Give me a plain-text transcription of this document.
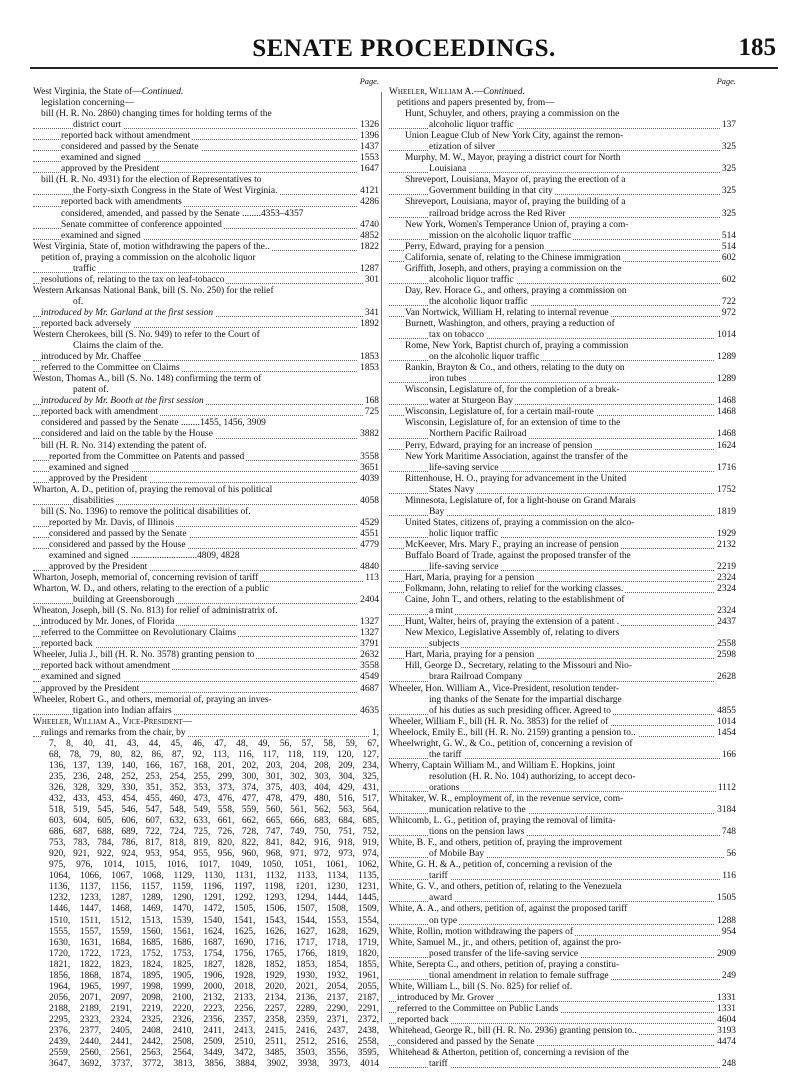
SENATE PROCEEDINGS.	185
Page.
West Virginia, the State of—Continued.
legislation concerning—
bill (H. R. No. 2860) changing times for holding terms of the
district court	1326
reported back without amendment	1396
considered and passed by the Senate	1437
examined and signed	1553
approved by the President	1647
bill (H. R. No. 4931) for the election of Representatives to
the Forty-sixth Congress in the State of West Virginia.	4121
reported back with amendments	4286
considered, amended, and passed by the Senate ........4353–4357
Senate committee of conference appointed	4740
examined and signed	4852
West Virginia, State of, motion withdrawing the papers of the..	1822
petition of, praying a commission on the alcoholic liquor
traffic	1287
resolutions of, relating to the tax on leaf-tobacco	301
Western Arkansas National Bank, bill (S. No. 250) for the relief
of.
introduced by Mr. Garland at the first session	341
reported back adversely	1892
Western Cherokees, bill (S. No. 949) to refer to the Court of
Claims the claim of the.
introduced by Mr. Chaffee	1853
referred to the Committee on Claims	1853
Weston, Thomas A., bill (S. No. 148) confirming the term of
patent of.
introduced by Mr. Booth at the first session	168
reported back with amendment	725
considered and passed by the Senate ........1455, 1456, 3909
considered and laid on the table by the House	3882
bill (H. R. No. 314) extending the patent of.
reported from the Committee on Patents and passed	3558
examined and signed	3651
approved by the President	4039
Wharton, A. D., petition of, praying the removal of his political
disabilities	4058
bill (S. No. 1396) to remove the political disabilities of.
reported by Mr. Davis, of Illinois	4529
considered and passed by the Senate	4551
considered and passed by the House	4779
examined and signed ............................4809, 4828
approved by the President	4840
Wharton, Joseph, memorial of, concerning revision of tariff	113
Wharton, W. D., and others, relating to the erection of a public
building at Greensborough	2404
Wheaton, Joseph, bill (S. No. 813) for relief of administratrix of.
introduced by Mr. Jones, of Florida	1327
referred to the Committee on Revolutionary Claims	1327
reported back	3791
Wheeler, Julia J., bill (H. R. No. 3578) granting pension to	2632
reported back without amendment	3558
examined and signed	4549
approved by the President	4687
Wheeler, Robert G., and others, memorial of, praying an inves-
tigation into Indian affairs	4635
Wheeler, William A., Vice-President—
rulings and remarks from the chair, by	1,
7, 8, 40, 41, 43, 44, 45, 46, 47, 48, 49, 56, 57, 58, 59, 67,
68, 78, 79, 80, 82, 86, 87, 92, 113, 116, 117, 118, 119, 120, 127,
136, 137, 139, 140, 166, 167, 168, 201, 202, 203, 204, 208, 209, 234,
235, 236, 248, 252, 253, 254, 255, 299, 300, 301, 302, 303, 304, 325,
326, 328, 329, 330, 351, 352, 353, 373, 374, 375, 403, 404, 429, 431,
432, 433, 453, 454, 455, 460, 473, 476, 477, 478, 479, 480, 516, 517,
518, 519, 545, 546, 547, 548, 549, 558, 559, 560, 561, 562, 563, 564,
603, 604, 605, 606, 607, 632, 633, 661, 662, 665, 666, 683, 684, 685,
686, 687, 688, 689, 722, 724, 725, 726, 728, 747, 749, 750, 751, 752,
753, 783, 784, 786, 817, 818, 819, 820, 822, 841, 842, 916, 918, 919,
920, 921, 922, 924, 953, 954, 955, 956, 960, 968, 971, 972, 973, 974,
975, 976, 1014, 1015, 1016, 1017, 1049, 1050, 1051, 1061, 1062,
1064, 1066, 1067, 1068, 1129, 1130, 1131, 1132, 1133, 1134, 1135,
1136, 1137, 1156, 1157, 1159, 1196, 1197, 1198, 1201, 1230, 1231,
1232, 1233, 1287, 1289, 1290, 1291, 1292, 1293, 1294, 1444, 1445,
1446, 1447, 1468, 1469, 1470, 1472, 1505, 1506, 1507, 1508, 1509,
1510, 1511, 1512, 1513, 1539, 1540, 1541, 1543, 1544, 1553, 1554,
1555, 1557, 1559, 1560, 1561, 1624, 1625, 1626, 1627, 1628, 1629,
1630, 1631, 1684, 1685, 1686, 1687, 1690, 1716, 1717, 1718, 1719,
1720, 1722, 1723, 1752, 1753, 1754, 1756, 1765, 1766, 1819, 1820,
1821, 1822, 1823, 1824, 1825, 1827, 1828, 1852, 1853, 1854, 1855,
1856, 1868, 1874, 1895, 1905, 1906, 1928, 1929, 1930, 1932, 1961,
1964, 1965, 1997, 1998, 1999, 2000, 2018, 2020, 2021, 2054, 2055,
2056, 2071, 2097, 2098, 2100, 2132, 2133, 2134, 2136, 2137, 2187,
2188, 2189, 2191, 2219, 2220, 2223, 2256, 2257, 2289, 2290, 2291,
2295, 2323, 2324, 2325, 2326, 2356, 2357, 2358, 2359, 2371, 2372,
2376, 2377, 2405, 2408, 2410, 2411, 2413, 2415, 2416, 2437, 2438,
2439, 2440, 2441, 2442, 2508, 2509, 2510, 2511, 2512, 2516, 2558,
2559, 2560, 2561, 2563, 2564, 3449, 3472, 3485, 3503, 3556, 3595,
3647, 3692, 3737, 3772, 3813, 3856, 3884, 3902, 3938, 3973, 4014
Page.
Wheeler, William A.—Continued.
petitions and papers presented by, from—
Hunt, Schuyler, and others, praying a commission on the
alcoholic liquor traffic	137
Union League Club of New York City, against the remon-
etization of silver	325
Murphy, M. W., Mayor, praying a district court for North
Louisiana	325
Shreveport, Louisiana, Mayor of, praying the erection of a
Government building in that city	325
Shreveport, Louisiana, mayor of, praying the building of a
railroad bridge across the Red River	325
New York, Women's Temperance Union of, praying a com-
mission on the alcoholic liquor traffic	514
Perry, Edward, praying for a pension	514
California, senate of, relating to the Chinese immigration	602
Griffith, Joseph, and others, praying a commission on the
alcoholic liquor traffic	602
Day, Rev. Horace G., and others, praying a commission on
the alcoholic liquor traffic	722
Van Nortwick, William H, relating to internal revenue	972
Burnett, Washington, and others, praying a reduction of
tax on tobacco	1014
Rome, New York, Baptist church of, praying a commission
on the alcoholic liquor traffic	1289
Rankin, Brayton & Co., and others, relating to the duty on
iron tubes	1289
Wisconsin, Legislature of, for the completion of a break-
water at Sturgeon Bay	1468
Wisconsin, Legislature of, for a certain mail-route	1468
Wisconsin, Legislature of, for an extension of time to the
Northern Pacific Railroad	1468
Perry, Edward, praying for an increase of pension	1624
New York Maritime Association, against the transfer of the
life-saving service	1716
Rittenhouse, H. O., praying for advancement in the United
States Navy	1752
Minnesota, Legislature of, for a light-house on Grand Marais
Bay	1819
United States, citizens of, praying a commission on the alco-
holic liquor traffic	1929
McKeever, Mrs. Mary F., praying an increase of pension	2132
Buffalo Board of Trade, against the proposed transfer of the
life-saving service	2219
Hart, Maria, praying for a pension	2324
Folkmann, John, relating to relief for the working classes.	2324
Caine, John T., and others, relating to the establishment of
a mint	2324
Hunt, Walter, heirs of, praying the extension of a patent .	2437
New Mexico, Legislative Assembly of, relating to divers
subjects	2558
Hart, Maria, praying for a pension	2598
Hill, George D., Secretary, relating to the Missouri and Nio-
brara Railroad Company	2628
Wheeler, Hon. William A., Vice-President, resolution tender-
ing thanks of the Senate for the impartial discharge
of his duties as such presiding officer. Agreed to	4855
Wheeler, William F., bill (H. R. No. 3853) for the relief of	1014
Wheelock, Emily E., bill (H. R. No. 2159) granting a pension to..	1454
Wheelwright, G. W., & Co., petition of, concerning a revision of
the tariff	166
Wherry, Captain William M., and William E. Hopkins, joint
resolution (H. R. No. 104) authorizing, to accept deco-
orations	1112
Whitaker, W. R., employment of, in the revenue service, com-
munication relative to the	3184
Whitcomb, L. G., petition of, praying the removal of limita-
tions on the pension laws	748
White, B. F., and others, petition of, praying the improvement
of Mobile Bay	56
White, G. H. & A., petition of, concerning a revision of the
tariff	116
White, G. V., and others, petition of, relating to the Venezuela
award	1505
White, A. A., and others, petition of, against the proposed tariff
on type	1288
White, Rollin, motion withdrawing the papers of	954
White, Samuel M., jr., and others, petition of, against the pro-
posed transfer of the life-saving service	2909
White, Serepta C., and others, petition of, praying a constitu-
tional amendment in relation to female suffrage	249
White, William L., bill (S. No. 825) for relief of.
introduced by Mr. Grover	1331
referred to the Committee on Public Lands	1331
reported back	4604
Whitehead, George R., bill (H. R. No. 2936) granting pension to..	3193
considered and passed by the Senate	4474
Whitehead & Atherton, petition of, concerning a revision of the
tariff	248
